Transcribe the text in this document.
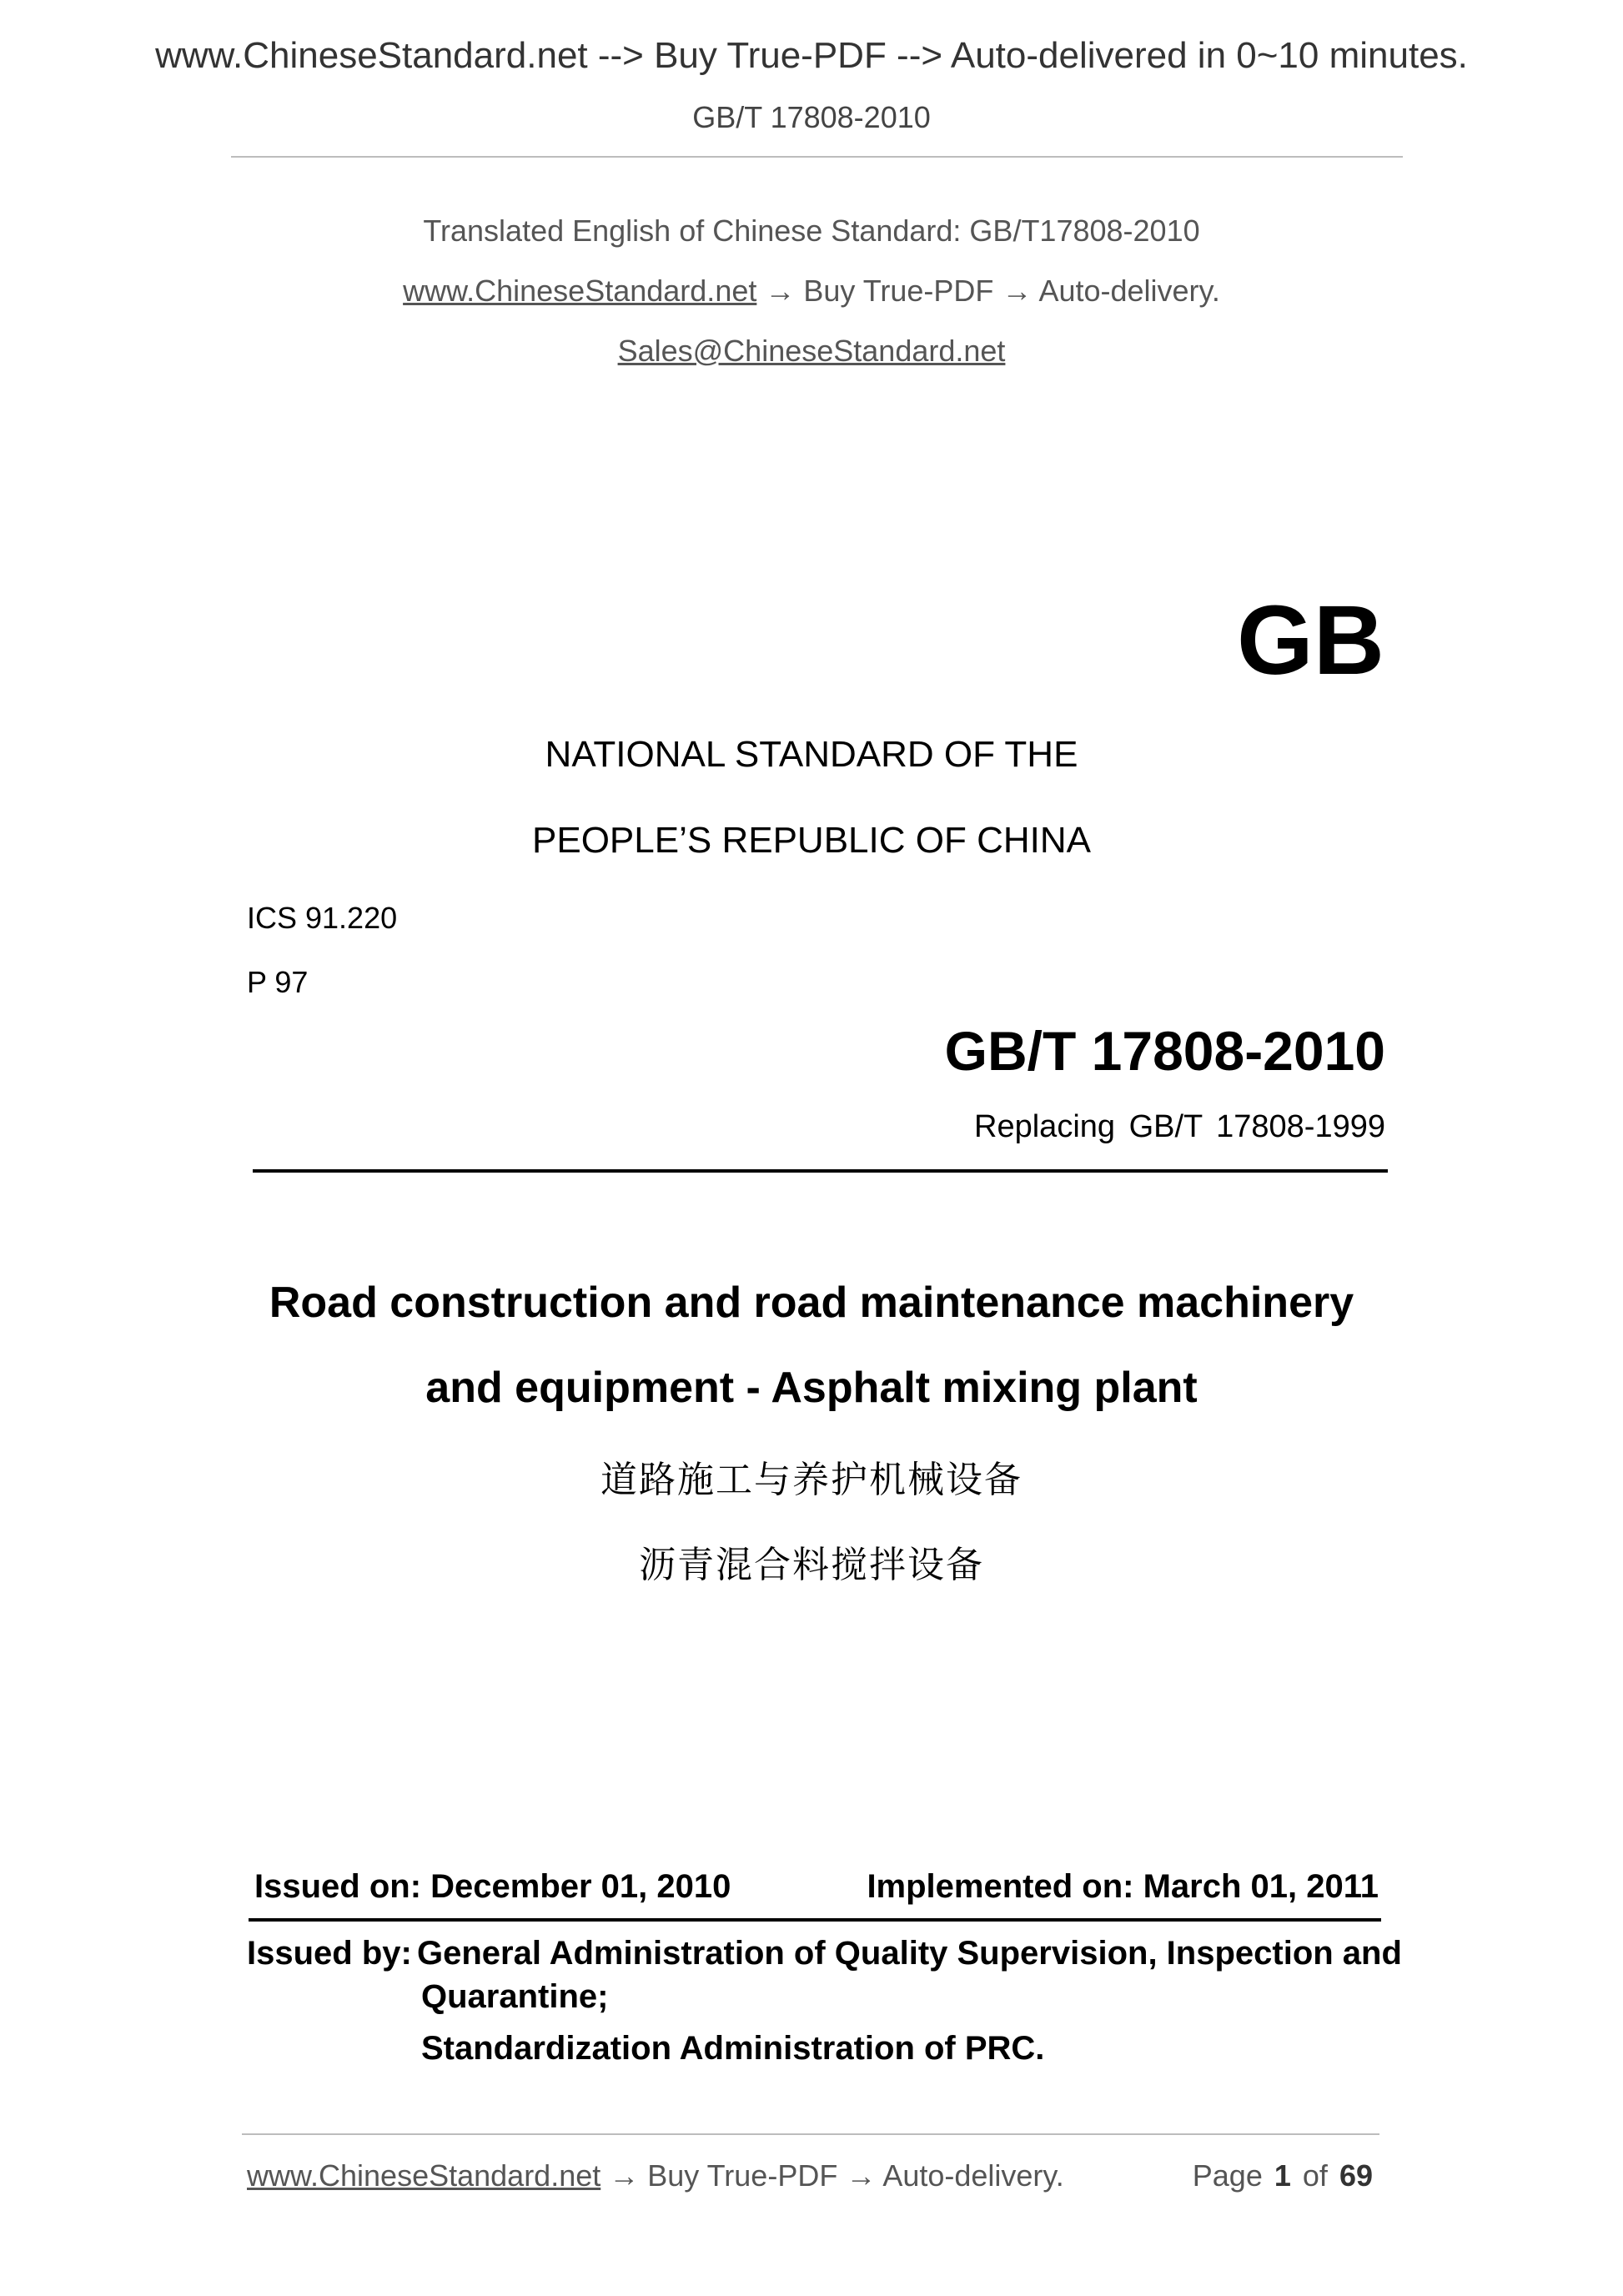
www.ChineseStandard.net --> Buy True-PDF --> Auto-delivered in 0~10 minutes.
GB/T 17808-2010
Translated English of Chinese Standard: GB/T17808-2010
www.ChineseStandard.net → Buy True-PDF → Auto-delivery.
Sales@ChineseStandard.net
GB
NATIONAL STANDARD OF THE
PEOPLE’S REPUBLIC OF CHINA
ICS 91.220
P 97
GB/T 17808-2010
Replacing GB/T 17808-1999
Road construction and road maintenance machinery
and equipment - Asphalt mixing plant
道路施工与养护机械设备
沥青混合料搅拌设备
Issued on: December 01, 2010	Implemented on: March 01, 2011
Issued by: General Administration of Quality Supervision, Inspection and
Quarantine;
Standardization Administration of PRC.
www.ChineseStandard.net → Buy True-PDF → Auto-delivery.	Page 1 of 69
